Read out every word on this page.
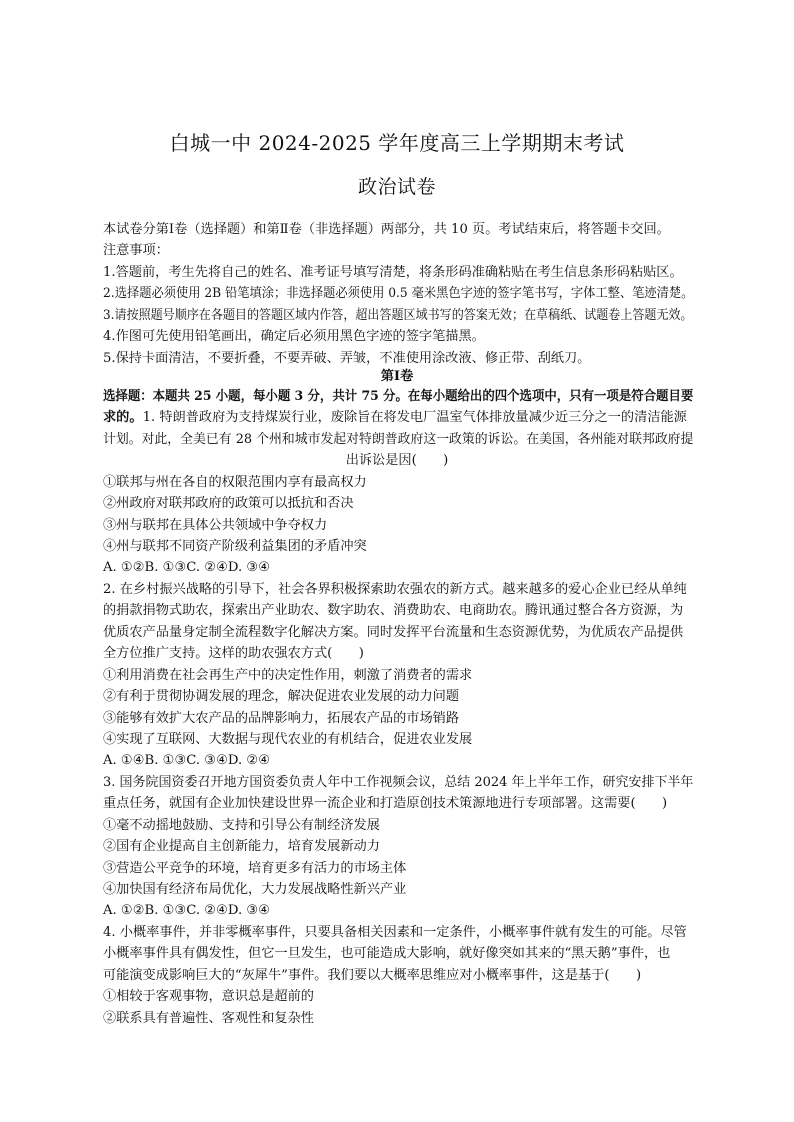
白城一中 2024-2025 学年度高三上学期期末考试
政治试卷
本试卷分第Ⅰ卷（选择题）和第Ⅱ卷（非选择题）两部分，共 10 页。考试结束后，将答题卡交回。
注意事项：
1.答题前，考生先将自己的姓名、准考证号填写清楚，将条形码准确粘贴在考生信息条形码粘贴区。
2.选择题必须使用 2B 铅笔填涂；非选择题必须使用 0.5 毫米黑色字迹的签字笔书写，字体工整、笔迹清楚。
3.请按照题号顺序在各题目的答题区域内作答，超出答题区域书写的答案无效；在草稿纸、试题卷上答题无效。
4.作图可先使用铅笔画出，确定后必须用黑色字迹的签字笔描黑。
5.保持卡面清洁，不要折叠，不要弄破、弄皱，不准使用涂改液、修正带、刮纸刀。
第Ⅰ卷
选择题：本题共 25 小题，每小题 3 分，共计 75 分。在每小题给出的四个选项中，只有一项是符合题目要
求的。1. 特朗普政府为支持煤炭行业，废除旨在将发电厂温室气体排放量减少近三分之一的清洁能源
计划。对此，全美已有 28 个州和城市发起对特朗普政府这一政策的诉讼。在美国，各州能对联邦政府提
出诉讼是因(　　)
①联邦与州在各自的权限范围内享有最高权力
②州政府对联邦政府的政策可以抵抗和否决
③州与联邦在具体公共领域中争夺权力
④州与联邦不同资产阶级利益集团的矛盾冲突
A. ①②B. ①③C. ②④D. ③④
2. 在乡村振兴战略的引导下，社会各界积极探索助农强农的新方式。越来越多的爱心企业已经从单纯
的捐款捐物式助农，探索出产业助农、数字助农、消费助农、电商助农。腾讯通过整合各方资源，为
优质农产品量身定制全流程数字化解决方案。同时发挥平台流量和生态资源优势，为优质农产品提供
全方位推广支持。这样的助农强农方式(　　)
①利用消费在社会再生产中的决定性作用，刺激了消费者的需求
②有利于贯彻协调发展的理念，解决促进农业发展的动力问题
③能够有效扩大农产品的品牌影响力，拓展农产品的市场销路
④实现了互联网、大数据与现代农业的有机结合，促进农业发展
A. ①④B. ①③C. ③④D. ②④
3. 国务院国资委召开地方国资委负责人年中工作视频会议，总结 2024 年上半年工作，研究安排下半年
重点任务，就国有企业加快建设世界一流企业和打造原创技术策源地进行专项部署。这需要(　　)
①毫不动摇地鼓励、支持和引导公有制经济发展
②国有企业提高自主创新能力，培育发展新动力
③营造公平竞争的环境，培育更多有活力的市场主体
④加快国有经济布局优化，大力发展战略性新兴产业
A. ①②B. ①③C. ②④D. ③④
4. 小概率事件，并非零概率事件，只要具备相关因素和一定条件，小概率事件就有发生的可能。尽管
小概率事件具有偶发性，但它一旦发生，也可能造成大影响，就好像突如其来的“黑天鹅”事件，也
可能演变成影响巨大的“灰犀牛”事件。我们要以大概率思维应对小概率事件，这是基于(　　)
①相较于客观事物，意识总是超前的
②联系具有普遍性、客观性和复杂性
